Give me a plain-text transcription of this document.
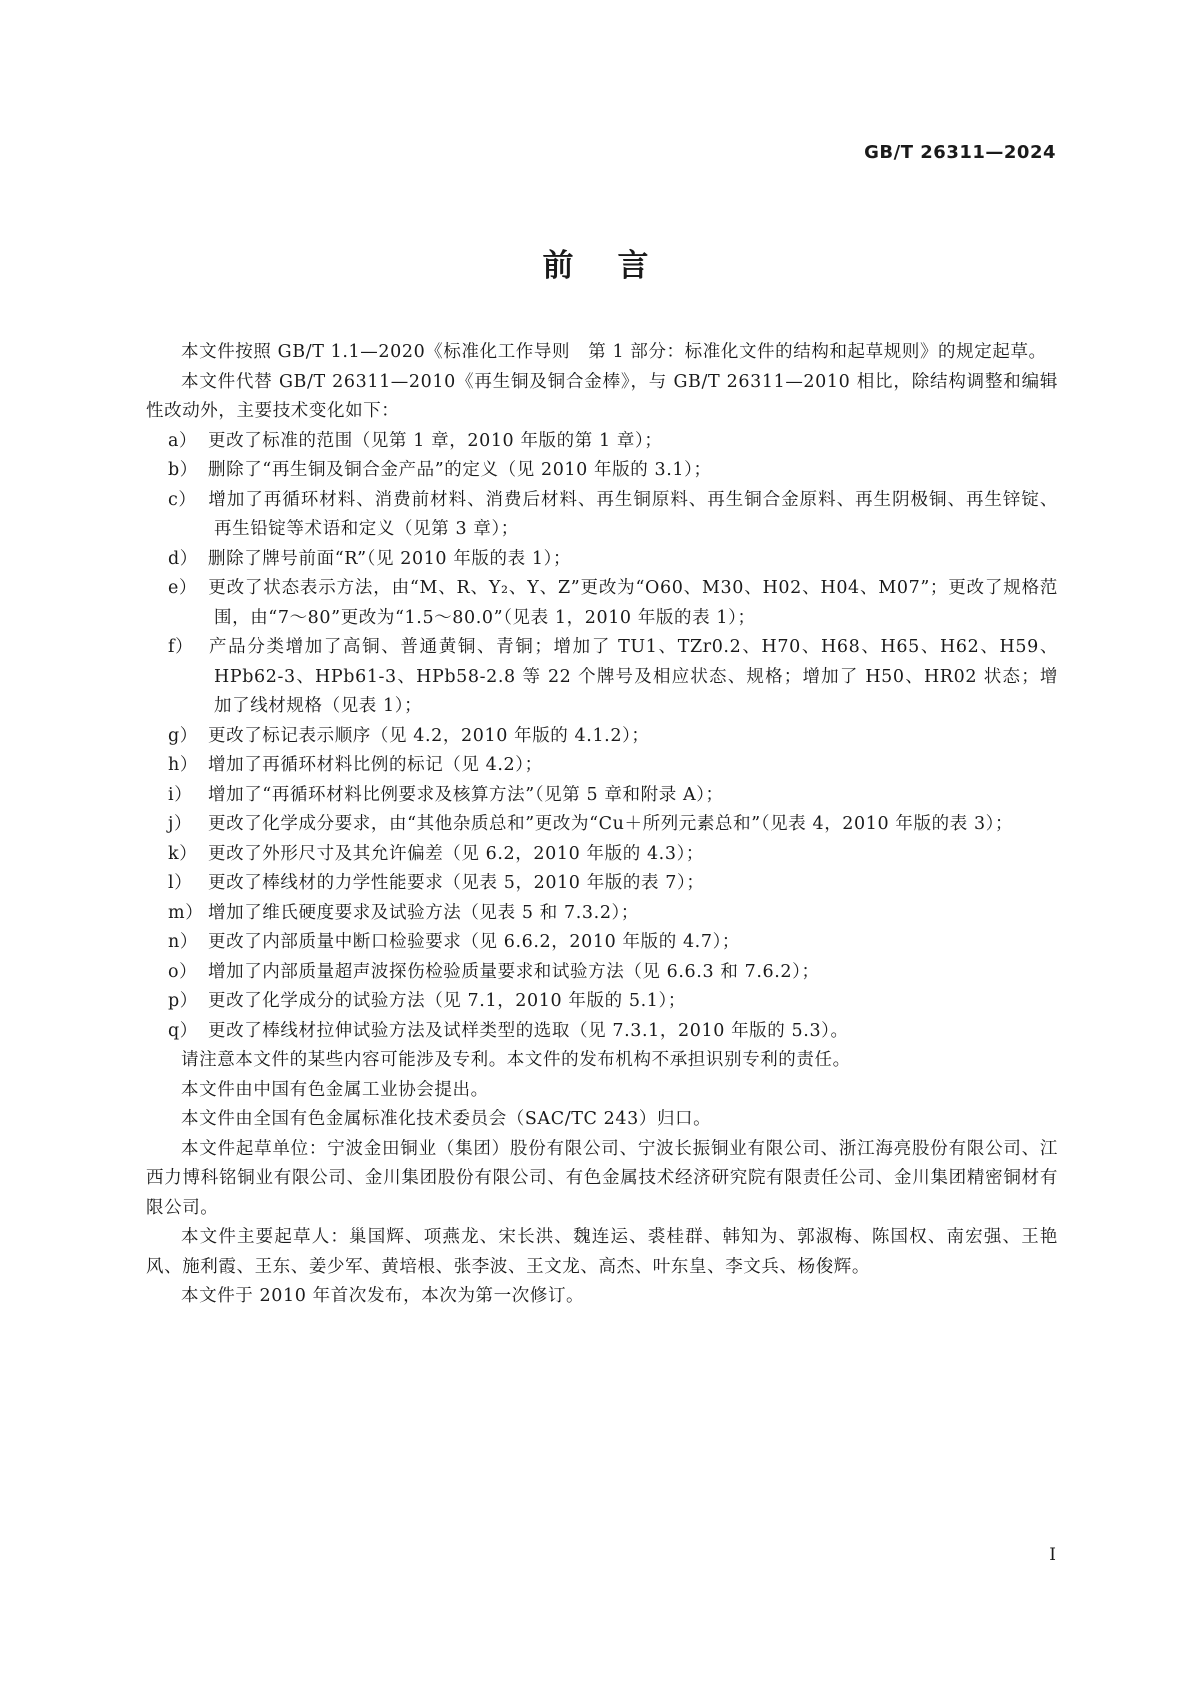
GB/T 26311—2024
前言

本文件按照 GB/T 1.1—2020《标准化工作导则　第 1 部分：标准化文件的结构和起草规则》的规定起草。

本文件代替 GB/T 26311—2010《再生铜及铜合金棒》，与 GB/T 26311—2010 相比，除结构调整和编辑性改动外，主要技术变化如下：

a） 更改了标准的范围（见第 1 章，2010 年版的第 1 章）；

b） 删除了“再生铜及铜合金产品”的定义（见 2010 年版的 3.1）；

c） 增加了再循环材料、消费前材料、消费后材料、再生铜原料、再生铜合金原料、再生阴极铜、再生锌锭、再生铅锭等术语和定义（见第 3 章）；

d） 删除了牌号前面“R”（见 2010 年版的表 1）；

e） 更改了状态表示方法，由“M、R、Y₂、Y、Z”更改为“O60、M30、H02、H04、M07”；更改了规格范围，由“7～80”更改为“1.5～80.0”（见表 1，2010 年版的表 1）；

f） 产品分类增加了高铜、普通黄铜、青铜；增加了 TU1、TZr0.2、H70、H68、H65、H62、H59、HPb62-3、HPb61-3、HPb58-2.8 等 22 个牌号及相应状态、规格；增加了 H50、HR02 状态；增加了线材规格（见表 1）；

g） 更改了标记表示顺序（见 4.2，2010 年版的 4.1.2）；

h） 增加了再循环材料比例的标记（见 4.2）；

i） 增加了“再循环材料比例要求及核算方法”（见第 5 章和附录 A）；

j） 更改了化学成分要求，由“其他杂质总和”更改为“Cu＋所列元素总和”（见表 4，2010 年版的表 3）；

k） 更改了外形尺寸及其允许偏差（见 6.2，2010 年版的 4.3）；

l） 更改了棒线材的力学性能要求（见表 5，2010 年版的表 7）；

m） 增加了维氏硬度要求及试验方法（见表 5 和 7.3.2）；

n） 更改了内部质量中断口检验要求（见 6.6.2，2010 年版的 4.7）；

o） 增加了内部质量超声波探伤检验质量要求和试验方法（见 6.6.3 和 7.6.2）；

p） 更改了化学成分的试验方法（见 7.1，2010 年版的 5.1）；

q） 更改了棒线材拉伸试验方法及试样类型的选取（见 7.3.1，2010 年版的 5.3）。

请注意本文件的某些内容可能涉及专利。本文件的发布机构不承担识别专利的责任。

本文件由中国有色金属工业协会提出。

本文件由全国有色金属标准化技术委员会（SAC/TC 243）归口。

本文件起草单位：宁波金田铜业（集团）股份有限公司、宁波长振铜业有限公司、浙江海亮股份有限公司、江西力博科铭铜业有限公司、金川集团股份有限公司、有色金属技术经济研究院有限责任公司、金川集团精密铜材有限公司。

本文件主要起草人：巢国辉、项燕龙、宋长洪、魏连运、裘桂群、韩知为、郭淑梅、陈国权、南宏强、王艳风、施利霞、王东、姜少军、黄培根、张李波、王文龙、高杰、叶东皇、李文兵、杨俊辉。

本文件于 2010 年首次发布，本次为第一次修订。

I
